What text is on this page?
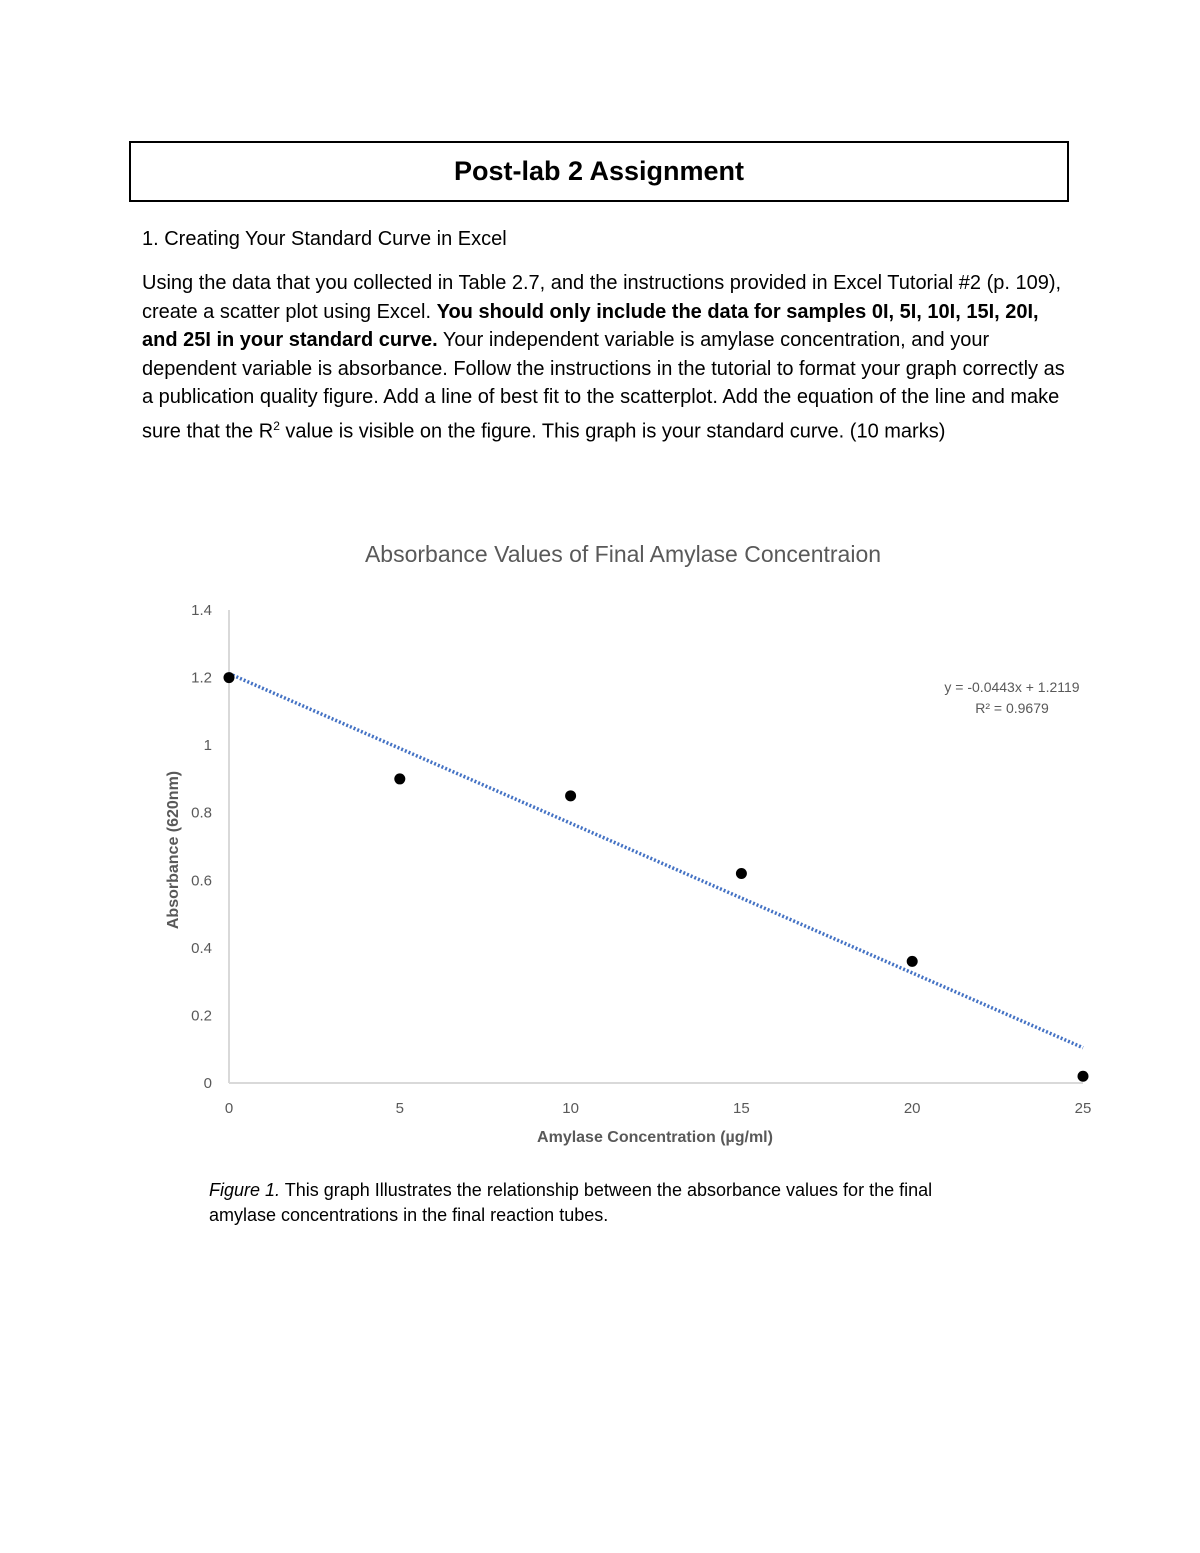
Post-lab 2 Assignment

1. Creating Your Standard Curve in Excel

Using the data that you collected in Table 2.7, and the instructions provided in Excel Tutorial #2 (p. 109), create a scatter plot using Excel. You should only include the data for samples 0I, 5I, 10I, 15I, 20I, and 25I in your standard curve. Your independent variable is amylase concentration, and your dependent variable is absorbance. Follow the instructions in the tutorial to format your graph correctly as a publication quality figure. Add a line of best fit to the scatterplot. Add the equation of the line and make sure that the $R^2$ value is visible on the figure. This graph is your standard curve. (10 marks)

Absorbance Values of Final Amylase Concentraion
0	5	10	15	20	25
0
0.2
0.4
0.6
0.8
1
1.2
1.4
y = -0.0443x + 1.2119
R² = 0.9679
Amylase Concentration (µg/ml)
Absorbance (620nm)

Figure 1. This graph Illustrates the relationship between the absorbance values for the final amylase concentrations in the final reaction tubes.
